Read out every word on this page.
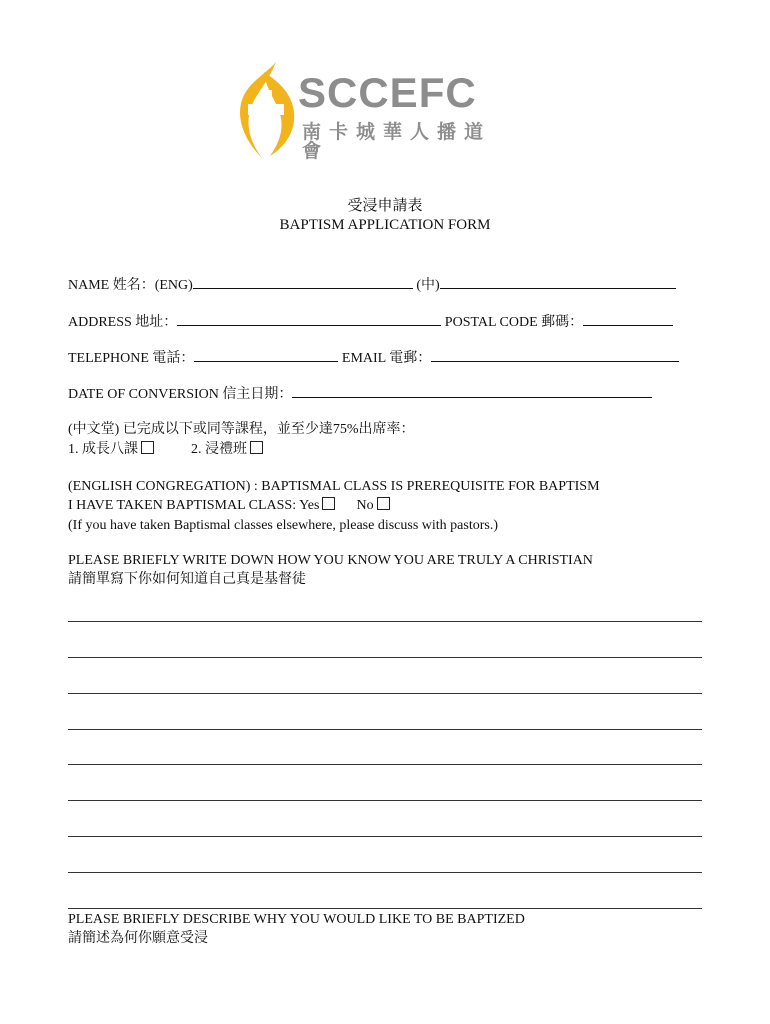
SCCEFC
南卡城華人播道會
受浸申請表
BAPTISM APPLICATION FORM
NAME 姓名：(ENG)	(中)
ADDRESS 地址：	POSTAL CODE 郵碼：
TELEPHONE 電話：	EMAIL 電郵：
DATE OF CONVERSION 信主日期：
(中文堂) 已完成以下或同等課程，並至少達75%出席率：
1. 成長八課	2. 浸禮班
(ENGLISH CONGREGATION) : BAPTISMAL CLASS IS PREREQUISITE FOR BAPTISM
I HAVE TAKEN BAPTISMAL CLASS: Yes	No
(If you have taken Baptismal classes elsewhere, please discuss with pastors.)
PLEASE BRIEFLY WRITE DOWN HOW YOU KNOW YOU ARE TRULY A CHRISTIAN
請簡單寫下你如何知道自己真是基督徒
PLEASE BRIEFLY DESCRIBE WHY YOU WOULD LIKE TO BE BAPTIZED
請簡述為何你願意受浸
